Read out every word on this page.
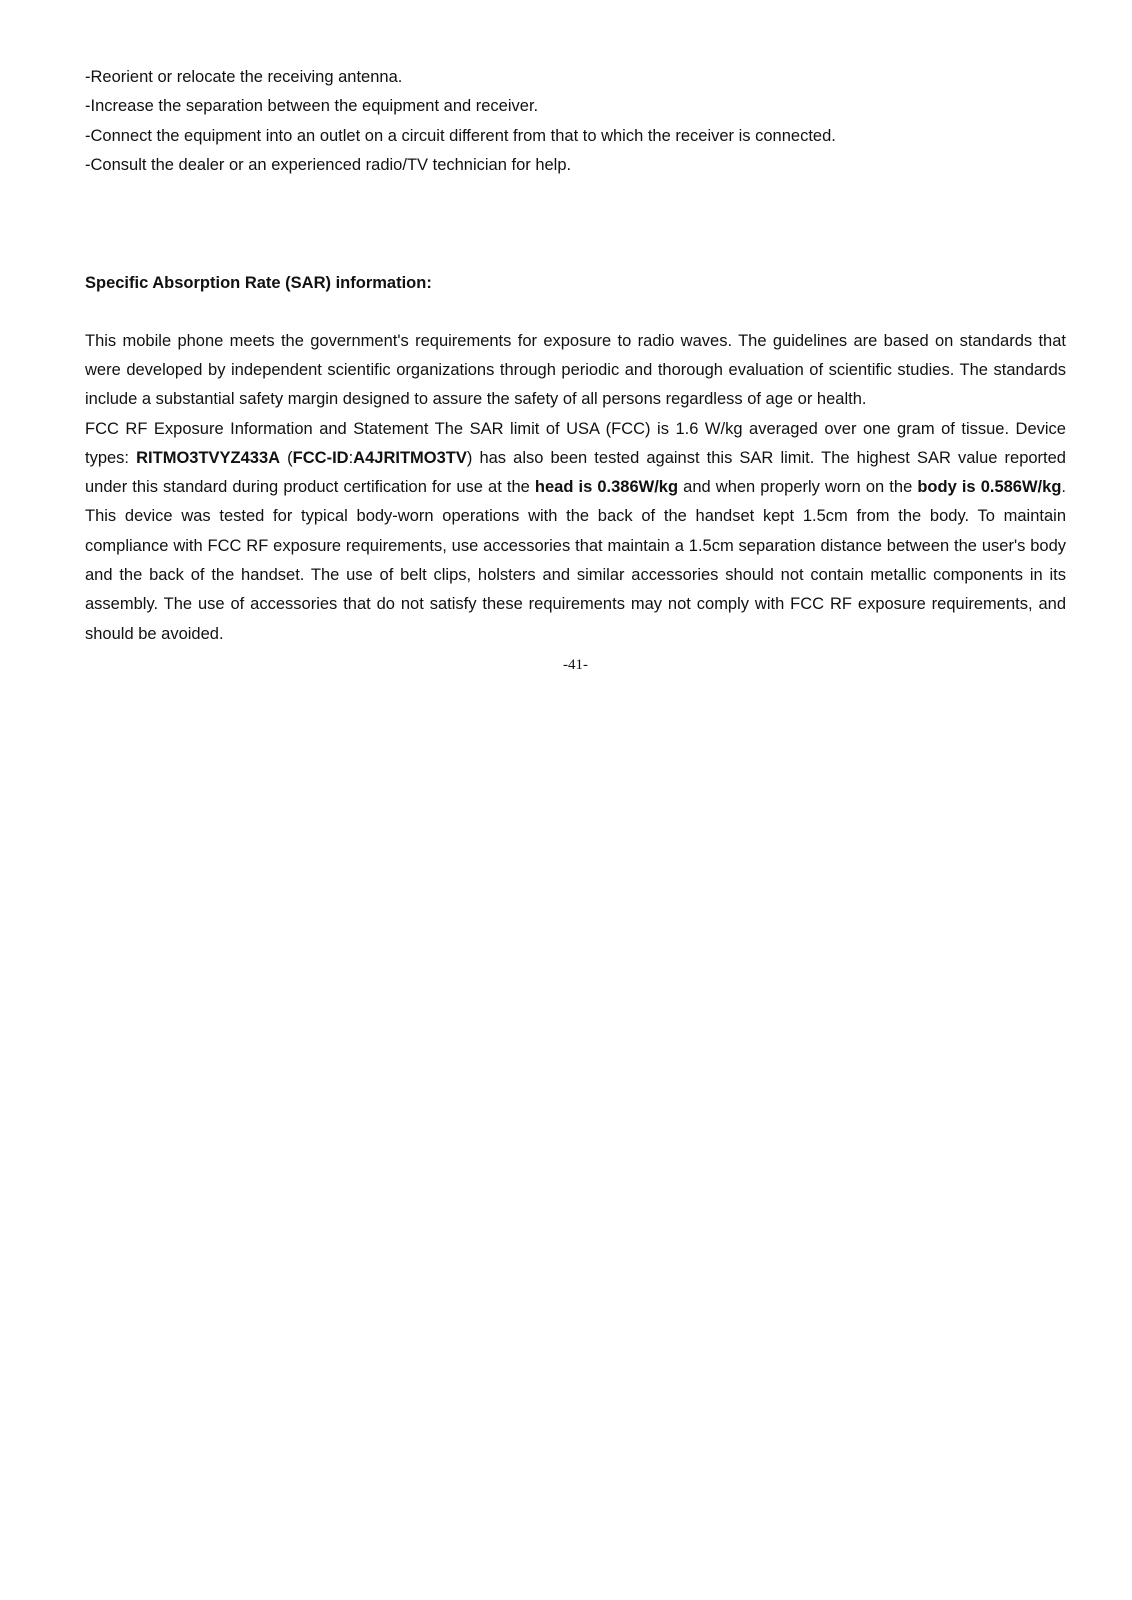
-Reorient or relocate the receiving antenna.
-Increase the separation between the equipment and receiver.
-Connect the equipment into an outlet on a circuit different from that to which the receiver is connected.
-Consult the dealer or an experienced radio/TV technician for help.

Specific Absorption Rate (SAR) information:

This mobile phone meets the government's requirements for exposure to radio waves. The guidelines are based on standards that were developed by independent scientific organizations through periodic and thorough evaluation of scientific studies. The standards include a substantial safety margin designed to assure the safety of all persons regardless of age or health.

FCC RF Exposure Information and Statement The SAR limit of USA (FCC) is 1.6 W/kg averaged over one gram of tissue. Device types: RITMO3TVYZ433A (FCC-ID:A4JRITMO3TV) has also been tested against this SAR limit. The highest SAR value reported under this standard during product certification for use at the head is 0.386W/kg and when properly worn on the body is 0.586W/kg. This device was tested for typical body-worn operations with the back of the handset kept 1.5cm from the body. To maintain compliance with FCC RF exposure requirements, use accessories that maintain a 1.5cm separation distance between the user's body and the back of the handset. The use of belt clips, holsters and similar accessories should not contain metallic components in its assembly. The use of accessories that do not satisfy these requirements may not comply with FCC RF exposure requirements, and should be avoided.

-41-
